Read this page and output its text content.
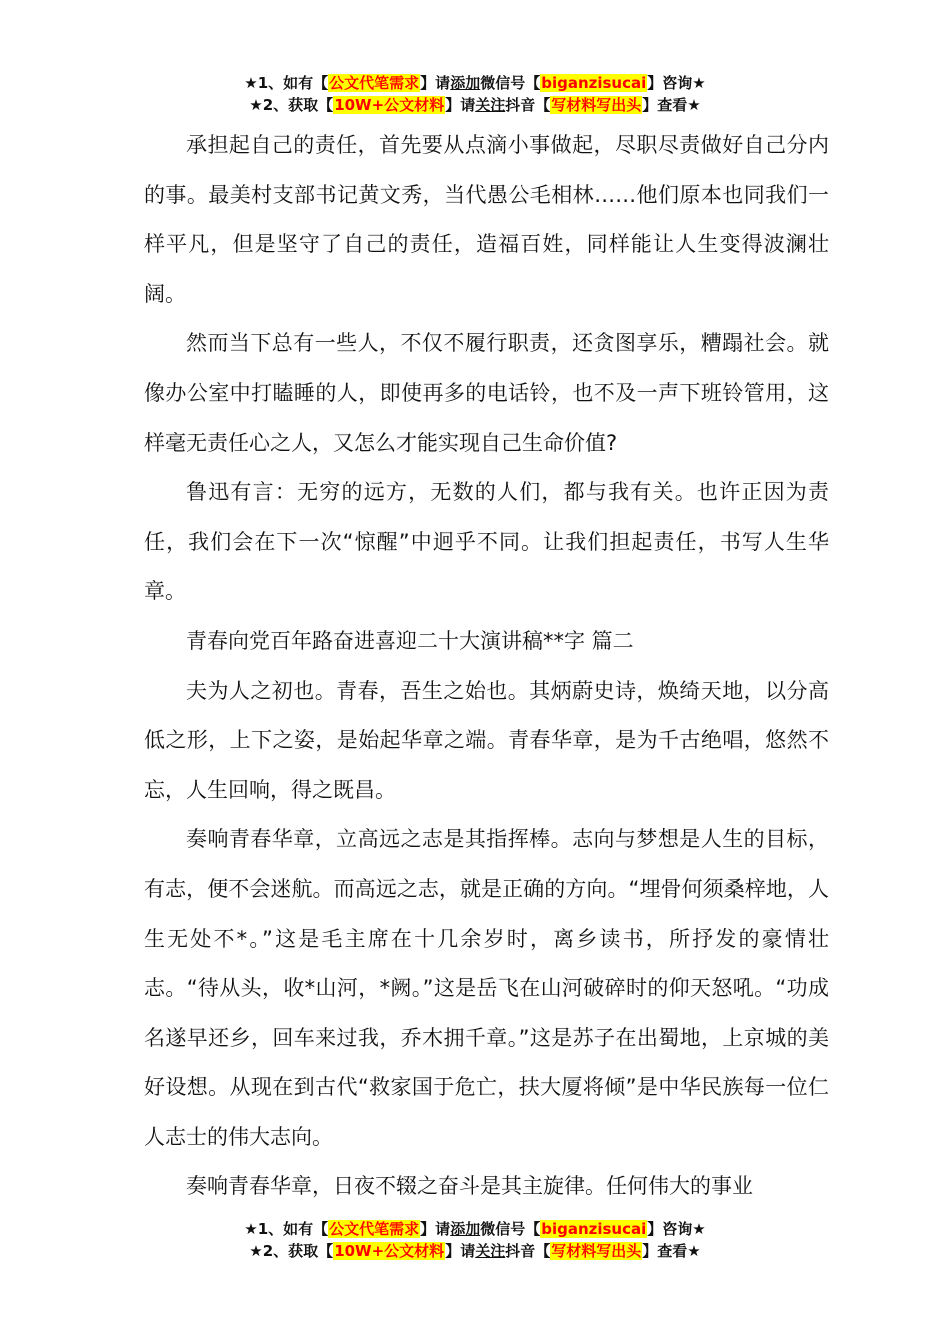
★1、如有【公文代笔需求】请添加微信号【biganzisucai】咨询★
★2、获取【10W+公文材料】请关注抖音【写材料写出头】查看★

承担起自己的责任，首先要从点滴小事做起，尽职尽责做好自己分内的事。最美村支部书记黄文秀，当代愚公毛相林……他们原本也同我们一样平凡，但是坚守了自己的责任，造福百姓，同样能让人生变得波澜壮阔。

然而当下总有一些人，不仅不履行职责，还贪图享乐，糟蹋社会。就像办公室中打瞌睡的人，即使再多的电话铃，也不及一声下班铃管用，这样毫无责任心之人，又怎么才能实现自己生命价值?

鲁迅有言：无穷的远方，无数的人们，都与我有关。也许正因为责任，我们会在下一次“惊醒”中迥乎不同。让我们担起责任，书写人生华章。

青春向党百年路奋进喜迎二十大演讲稿**字 篇二

夫为人之初也。青春，吾生之始也。其炳蔚史诗，焕绮天地，以分高低之形，上下之姿，是始起华章之端。青春华章，是为千古绝唱，悠然不忘，人生回响，得之既昌。

奏响青春华章，立高远之志是其指挥棒。志向与梦想是人生的目标，有志，便不会迷航。而高远之志，就是正确的方向。“埋骨何须桑梓地，人生无处不*。”这是毛主席在十几余岁时，离乡读书，所抒发的豪情壮志。“待从头，收*山河，*阙。”这是岳飞在山河破碎时的仰天怒吼。“功成名遂早还乡，回车来过我，乔木拥千章。”这是苏子在出蜀地，上京城的美好设想。从现在到古代“救家国于危亡，扶大厦将倾”是中华民族每一位仁人志士的伟大志向。

奏响青春华章，日夜不辍之奋斗是其主旋律。任何伟大的事业

★1、如有【公文代笔需求】请添加微信号【biganzisucai】咨询★
★2、获取【10W+公文材料】请关注抖音【写材料写出头】查看★
